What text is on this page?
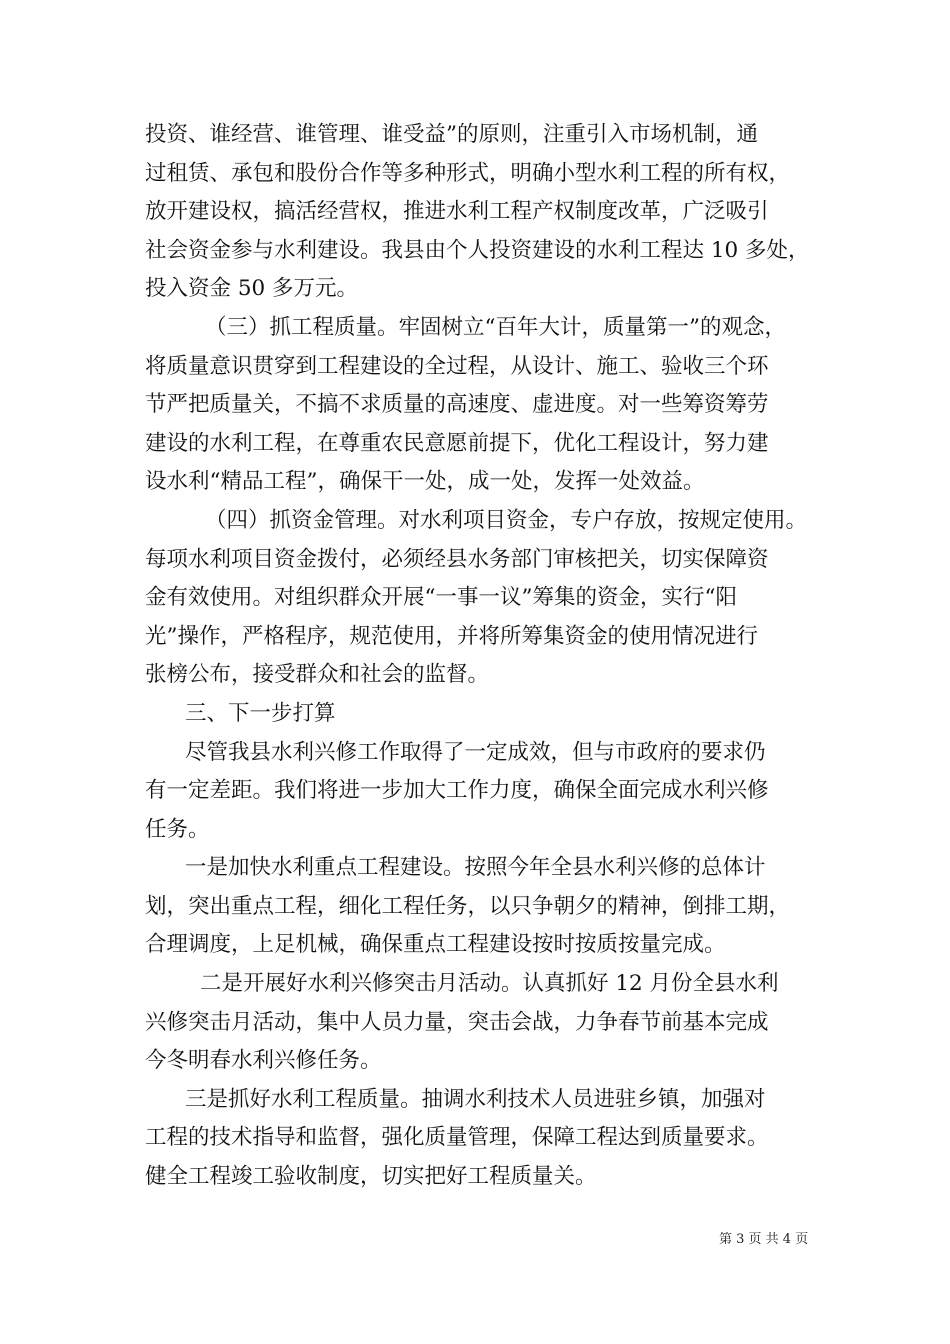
投资、谁经营、谁管理、谁受益”的原则，注重引入市场机制，通
过租赁、承包和股份合作等多种形式，明确小型水利工程的所有权，
放开建设权，搞活经营权，推进水利工程产权制度改革，广泛吸引
社会资金参与水利建设。我县由个人投资建设的水利工程达 10 多处，
投入资金 50 多万元。
（三）抓工程质量。牢固树立“百年大计，质量第一”的观念，
将质量意识贯穿到工程建设的全过程，从设计、施工、验收三个环
节严把质量关，不搞不求质量的高速度、虚进度。对一些筹资筹劳
建设的水利工程，在尊重农民意愿前提下，优化工程设计，努力建
设水利“精品工程”，确保干一处，成一处，发挥一处效益。
（四）抓资金管理。对水利项目资金，专户存放，按规定使用。
每项水利项目资金拨付，必须经县水务部门审核把关，切实保障资
金有效使用。对组织群众开展“一事一议”筹集的资金，实行“阳
光”操作，严格程序，规范使用，并将所筹集资金的使用情况进行
张榜公布，接受群众和社会的监督。
三、下一步打算
尽管我县水利兴修工作取得了一定成效，但与市政府的要求仍
有一定差距。我们将进一步加大工作力度，确保全面完成水利兴修
任务。
一是加快水利重点工程建设。按照今年全县水利兴修的总体计
划，突出重点工程，细化工程任务，以只争朝夕的精神，倒排工期，
合理调度，上足机械，确保重点工程建设按时按质按量完成。
二是开展好水利兴修突击月活动。认真抓好 12 月份全县水利
兴修突击月活动，集中人员力量，突击会战，力争春节前基本完成
今冬明春水利兴修任务。
三是抓好水利工程质量。抽调水利技术人员进驻乡镇，加强对
工程的技术指导和监督，强化质量管理，保障工程达到质量要求。
健全工程竣工验收制度，切实把好工程质量关。
第 3 页 共 4 页
